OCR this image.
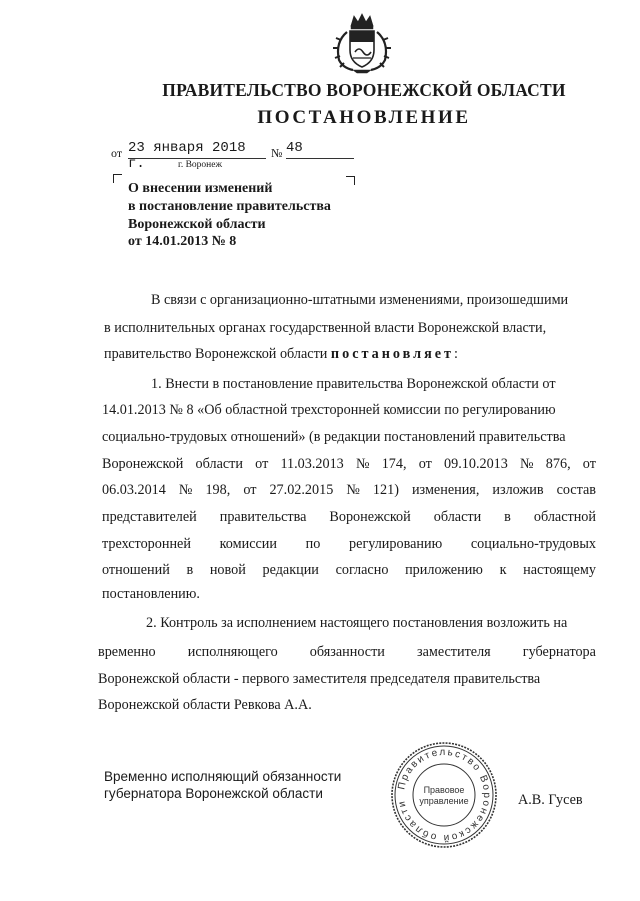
ПРАВИТЕЛЬСТВО ВОРОНЕЖСКОЙ ОБЛАСТИ
ПОСТАНОВЛЕНИЕ
от 23 января 2018 г.
№ 48
г. Воронеж
О внесении изменений
в постановление правительства
Воронежской области
от 14.01.2013 № 8
В связи с организационно-штатными изменениями, произошедшими
в исполнительных органах государственной власти Воронежской власти,
правительство Воронежской области постановляет:
1. Внести в постановление правительства Воронежской области от
14.01.2013 № 8 «Об областной трехсторонней комиссии по регулированию
социально-трудовых отношений» (в редакции постановлений правительства
Воронежской области от 11.03.2013 № 174, от 09.10.2013 № 876, от
06.03.2014 № 198, от 27.02.2015 № 121) изменения, изложив состав
представителей правительства Воронежской области в областной
трехсторонней комиссии по регулированию социально-трудовых
отношений в новой редакции согласно приложению к настоящему
постановлению.
2. Контроль за исполнением настоящего постановления возложить на
временно исполняющего обязанности заместителя губернатора
Воронежской области - первого заместителя председателя правительства
Воронежской области Ревкова А.А.
Временно исполняющий обязанности
губернатора Воронежской области
Правительство Воронежской области
Правовое
управление	А.В. Гусев
